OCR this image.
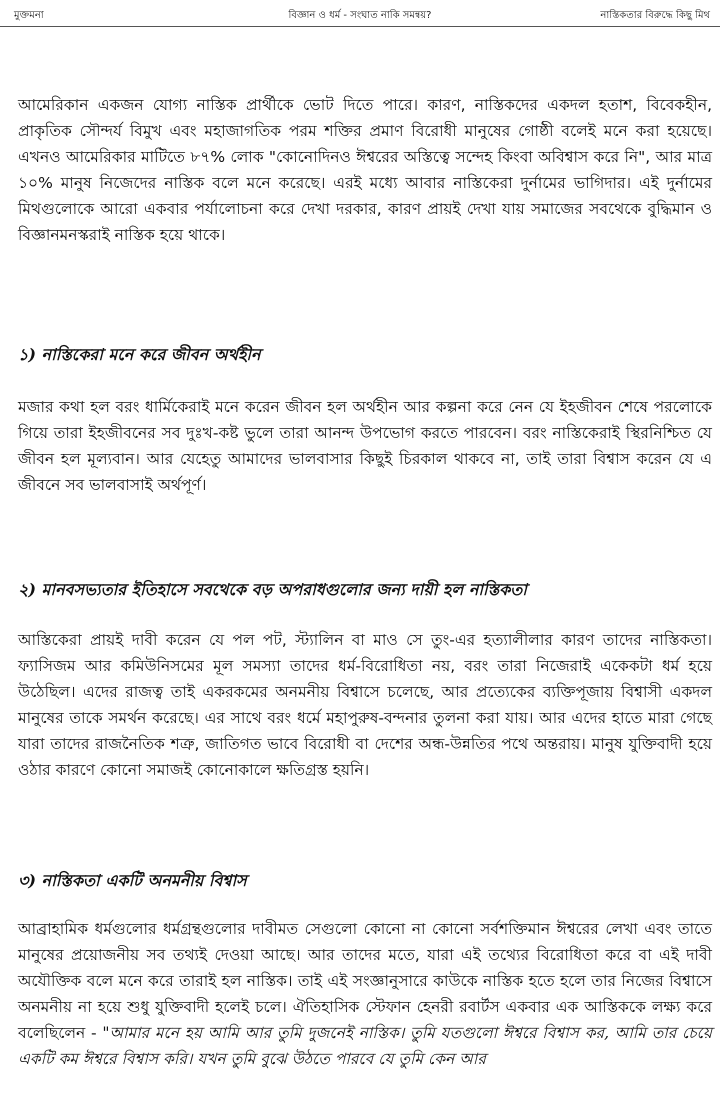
মুক্তমনা	বিজ্ঞান ও ধর্ম - সংঘাত নাকি সমন্বয়?	নাস্তিকতার বিরুদ্ধে কিছু মিথ

আমেরিকান একজন যোগ্য নাস্তিক প্রার্থীকে ভোট দিতে পারে। কারণ, নাস্তিকদের একদল হতাশ, বিবেকহীন, প্রাকৃতিক সৌন্দর্য বিমুখ এবং মহাজাগতিক পরম শক্তির প্রমাণ বিরোধী মানুষের গোষ্ঠী বলেই মনে করা হয়েছে। এখনও আমেরিকার মাটিতে ৮৭% লোক "কোনোদিনও ঈশ্বরের অস্তিত্বে সন্দেহ কিংবা অবিশ্বাস করে নি", আর মাত্র ১০% মানুষ নিজেদের নাস্তিক বলে মনে করেছে। এরই মধ্যে আবার নাস্তিকেরা দুর্নামের ভাগিদার। এই দুর্নামের মিথগুলোকে আরো একবার পর্যালোচনা করে দেখা দরকার, কারণ প্রায়ই দেখা যায় সমাজের সবথেকে বুদ্ধিমান ও বিজ্ঞানমনস্করাই নাস্তিক হয়ে থাকে।

১) নাস্তিকেরা মনে করে জীবন অর্থহীন

মজার কথা হল বরং ধার্মিকেরাই মনে করেন জীবন হল অর্থহীন আর কল্পনা করে নেন যে ইহজীবন শেষে পরলোকে গিয়ে তারা ইহজীবনের সব দুঃখ-কষ্ট ভুলে তারা আনন্দ উপভোগ করতে পারবেন। বরং নাস্তিকেরাই স্থিরনিশ্চিত যে জীবন হল মূল্যবান। আর যেহেতু আমাদের ভালবাসার কিছুই চিরকাল থাকবে না, তাই তারা বিশ্বাস করেন যে এ জীবনে সব ভালবাসাই অর্থপূর্ণ।

২) মানবসভ্যতার ইতিহাসে সবথেকে বড় অপরাধগুলোর জন্য দায়ী হল নাস্তিকতা

আস্তিকেরা প্রায়ই দাবী করেন যে পল পট, স্ট্যালিন বা মাও সে তুং-এর হত্যালীলার কারণ তাদের নাস্তিকতা। ফ্যাসিজম আর কমিউনিসমের মূল সমস্যা তাদের ধর্ম-বিরোধিতা নয়, বরং তারা নিজেরাই একেকটা ধর্ম হয়ে উঠেছিল। এদের রাজত্ব তাই একরকমের অনমনীয় বিশ্বাসে চলেছে, আর প্রত্যেকের ব্যক্তিপূজায় বিশ্বাসী একদল মানুষের তাকে সমর্থন করেছে। এর সাথে বরং ধর্মে মহাপুরুষ-বন্দনার তুলনা করা যায়। আর এদের হাতে মারা গেছে যারা তাদের রাজনৈতিক শত্রু, জাতিগত ভাবে বিরোধী বা দেশের অন্ধ-উন্নতির পথে অন্তরায়। মানুষ যুক্তিবাদী হয়ে ওঠার কারণে কোনো সমাজই কোনোকালে ক্ষতিগ্রস্ত হয়নি।

৩) নাস্তিকতা একটি অনমনীয় বিশ্বাস

আব্রাহামিক ধর্মগুলোর ধর্মগ্রন্থগুলোর দাবীমত সেগুলো কোনো না কোনো সর্বশক্তিমান ঈশ্বরের লেখা এবং তাতে মানুষের প্রয়োজনীয় সব তথ্যই দেওয়া আছে। আর তাদের মতে, যারা এই তথ্যের বিরোধিতা করে বা এই দাবী অযৌক্তিক বলে মনে করে তারাই হল নাস্তিক। তাই এই সংজ্ঞানুসারে কাউকে নাস্তিক হতে হলে তার নিজের বিশ্বাসে অনমনীয় না হয়ে শুধু যুক্তিবাদী হলেই চলে। ঐতিহাসিক স্টেফান হেনরী রবার্টস একবার এক আস্তিককে লক্ষ্য করে বলেছিলেন - "আমার মনে হয় আমি আর তুমি দুজনেই নাস্তিক। তুমি যতগুলো ঈশ্বরে বিশ্বাস কর, আমি তার চেয়ে একটি কম ঈশ্বরে বিশ্বাস করি। যখন তুমি বুঝে উঠতে পারবে যে তুমি কেন আর
